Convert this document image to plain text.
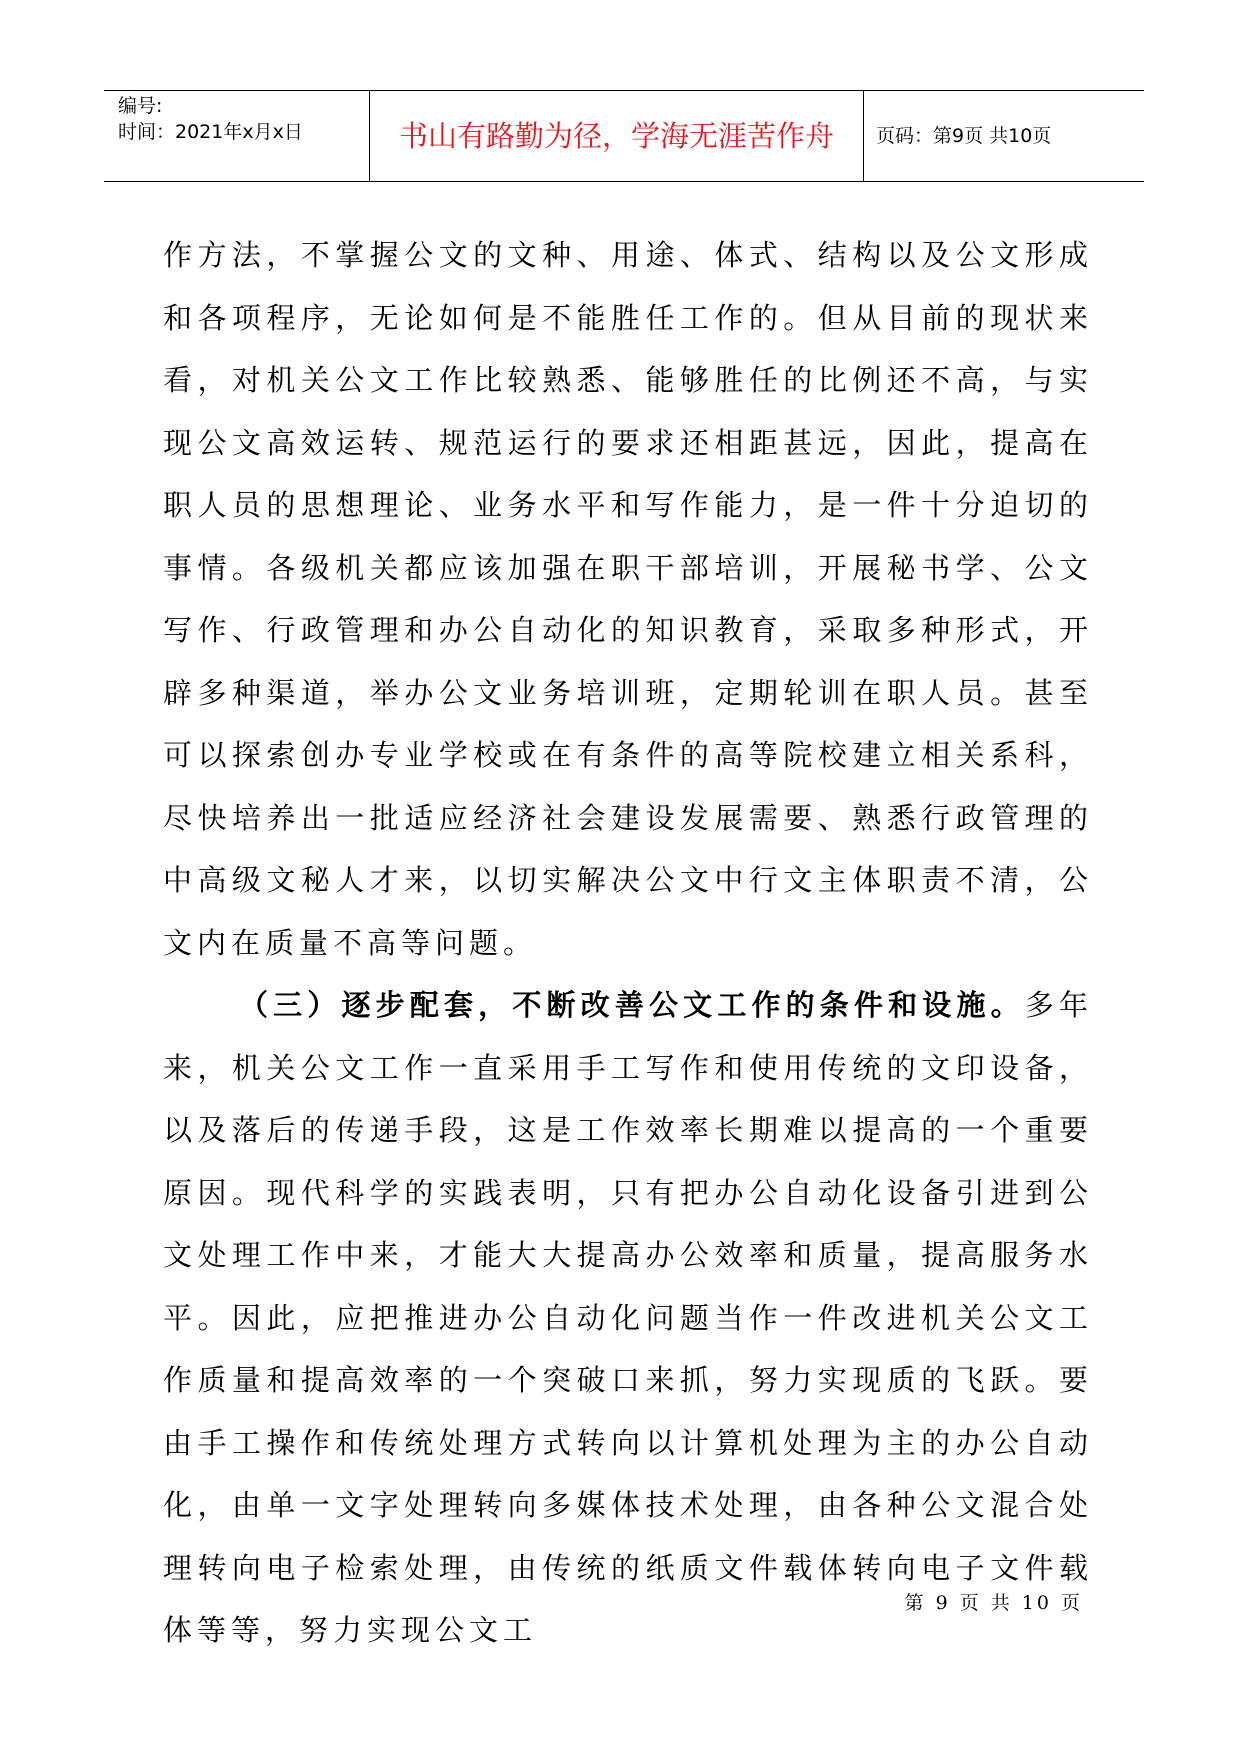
编号:
时间：2021年x月x日	书山有路勤为径，学海无涯苦作舟	页码：第9页 共10页

作方法，不掌握公文的文种、用途、体式、结构以及公文形成和各项程序，无论如何是不能胜任工作的。但从目前的现状来看，对机关公文工作比较熟悉、能够胜任的比例还不高，与实现公文高效运转、规范运行的要求还相距甚远，因此，提高在职人员的思想理论、业务水平和写作能力，是一件十分迫切的事情。各级机关都应该加强在职干部培训，开展秘书学、公文写作、行政管理和办公自动化的知识教育，采取多种形式，开辟多种渠道，举办公文业务培训班，定期轮训在职人员。甚至可以探索创办专业学校或在有条件的高等院校建立相关系科，尽快培养出一批适应经济社会建设发展需要、熟悉行政管理的中高级文秘人才来，以切实解决公文中行文主体职责不清，公文内在质量不高等问题。

（三）逐步配套，不断改善公文工作的条件和设施。多年来，机关公文工作一直采用手工写作和使用传统的文印设备，以及落后的传递手段，这是工作效率长期难以提高的一个重要原因。现代科学的实践表明，只有把办公自动化设备引进到公文处理工作中来，才能大大提高办公效率和质量，提高服务水平。因此，应把推进办公自动化问题当作一件改进机关公文工作质量和提高效率的一个突破口来抓，努力实现质的飞跃。要由手工操作和传统处理方式转向以计算机处理为主的办公自动化，由单一文字处理转向多媒体技术处理，由各种公文混合处理转向电子检索处理，由传统的纸质文件载体转向电子文件载体等等，努力实现公文工

第 9 页 共 10 页
